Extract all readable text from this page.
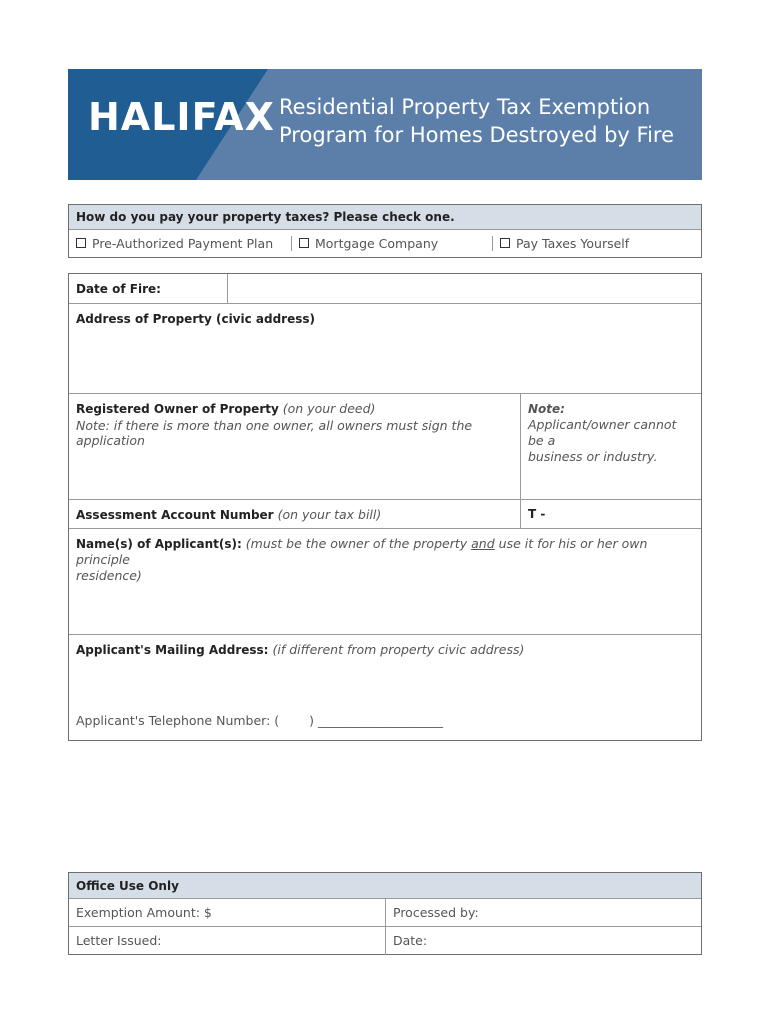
HALIFAX Residential Property Tax Exemption
Program for Homes Destroyed by Fire
How do you pay your property taxes? Please check one.
Pre-Authorized Payment Plan	Mortgage Company	Pay Taxes Yourself
Date of Fire:
Address of Property (civic address)
Registered Owner of Property (on your deed)
Note: if there is more than one owner, all owners must sign the application
Note:
Applicant/owner cannot be a
business or industry.
Assessment Account Number (on your tax bill)	T -
Name(s) of Applicant(s): (must be the owner of the property and use it for his or her own principle
residence)
Applicant's Mailing Address: (if different from property civic address)
Applicant's Telephone Number: ( ) ____________________
Office Use Only
Exemption Amount: $	Processed by:
Letter Issued:	Date:
